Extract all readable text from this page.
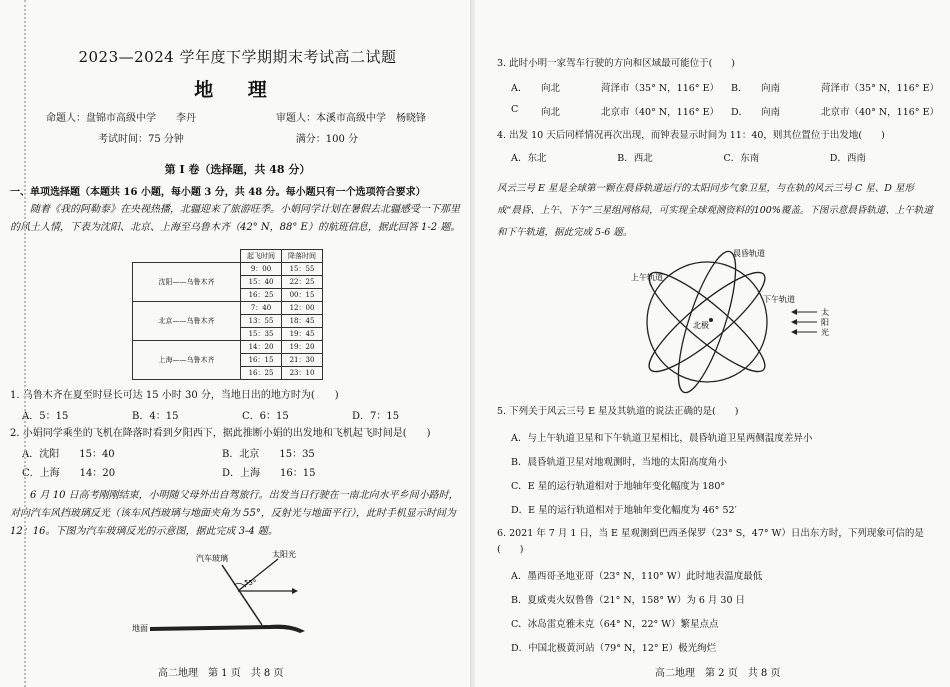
2023—2024 学年度下学期期末考试高二试题
地 理
命题人：盘锦市高级中学　　李丹	审题人：本溪市高级中学　杨晓锋
考试时间：75 分钟	满分：100 分
第 Ⅰ 卷（选择题，共 48 分）
一、单项选择题（本题共 16 小题，每小题 3 分，共 48 分。每小题只有一个选项符合要求）
随着《我的阿勒泰》在央视热播，北疆迎来了旅游旺季。小娟同学计划在暑假去北疆感受一下那里的风土人情，下表为沈阳、北京、上海至乌鲁木齐（42° N，88° E）的航班信息，据此回答 1-2 题。
	起飞时间	降落时间
沈阳——乌鲁木齐	9：00	15：55
	15：40	22：25
	16：25	00：15
北京——乌鲁木齐	7：40	12：00
	13：55	18：45
	15：35	19：45
上海——乌鲁木齐	14：20	19：20
	16：15	21：30
	16：25	23：10
1. 乌鲁木齐在夏至时昼长可达 15 小时 30 分，当地日出的地方时为(　　)
A．5：15	B．4：15	C．6：15	D．7：15
2. 小娟同学乘坐的飞机在降落时看到夕阳西下，据此推断小娟的出发地和飞机起飞时间是(　　)
A．沈阳　　15：40	B．北京　　15：35
C．上海　　14：20	D．上海　　16：15
6 月 10 日高考刚刚结束，小明随父母外出自驾旅行。出发当日行驶在一南北向水平乡间小路时，对向汽车风挡玻璃反光（该车风挡玻璃与地面夹角为 55°，反射光与地面平行），此时手机显示时间为 12：16。下图为汽车玻璃反光的示意图，据此完成 3-4 题。
汽车玻璃	太阳光
55°
地面
高二地理　第 1 页　共 8 页
3. 此时小明一家驾车行驶的方向和区域最可能位于(　　)
A．	向北	菏泽市（35° N，116° E）	B．	向南	菏泽市（35° N，116° E）
C	向北	北京市（40° N，116° E）	D．	向南	北京市（40° N，116° E）
4. 出发 10 天后同样情况再次出现，而钟表显示时间为 11：40，则其位置位于出发地(　　)
A．东北	B．西北	C．东南	D．西南
风云三号 E 星是全球第一颗在晨昏轨道运行的太阳同步气象卫星，与在轨的风云三号 C 星、D 星形成“晨昏、上午、下午”三星组网格局，可实现全球观测资料的100%覆盖。下图示意晨昏轨道、上午轨道和下午轨道，据此完成 5-6 题。
晨昏轨道
上午轨道
下午轨道
北极
太
阳
光
5. 下列关于风云三号 E 星及其轨道的说法正确的是(　　)
A．与上午轨道卫星和下午轨道卫星相比，晨昏轨道卫星两侧温度差异小
B．晨昏轨道卫星对地观测时，当地的太阳高度角小
C．E 星的运行轨道相对于地轴年变化幅度为 180°
D．E 星的运行轨道相对于地轴年变化幅度为 46° 52′
6. 2021 年 7 月 1 日，当 E 星观测到巴西圣保罗（23° S，47° W）日出东方时，下列现象可信的是(　　)
A．墨西哥圣地亚哥（23° N，110° W）此时地表温度最低
B．夏威夷火奴鲁鲁（21° N，158° W）为 6 月 30 日
C．冰岛雷克雅未克（64° N，22° W）繁星点点
D．中国北极黄河站（79° N，12° E）极光绚烂
高二地理　第 2 页　共 8 页
